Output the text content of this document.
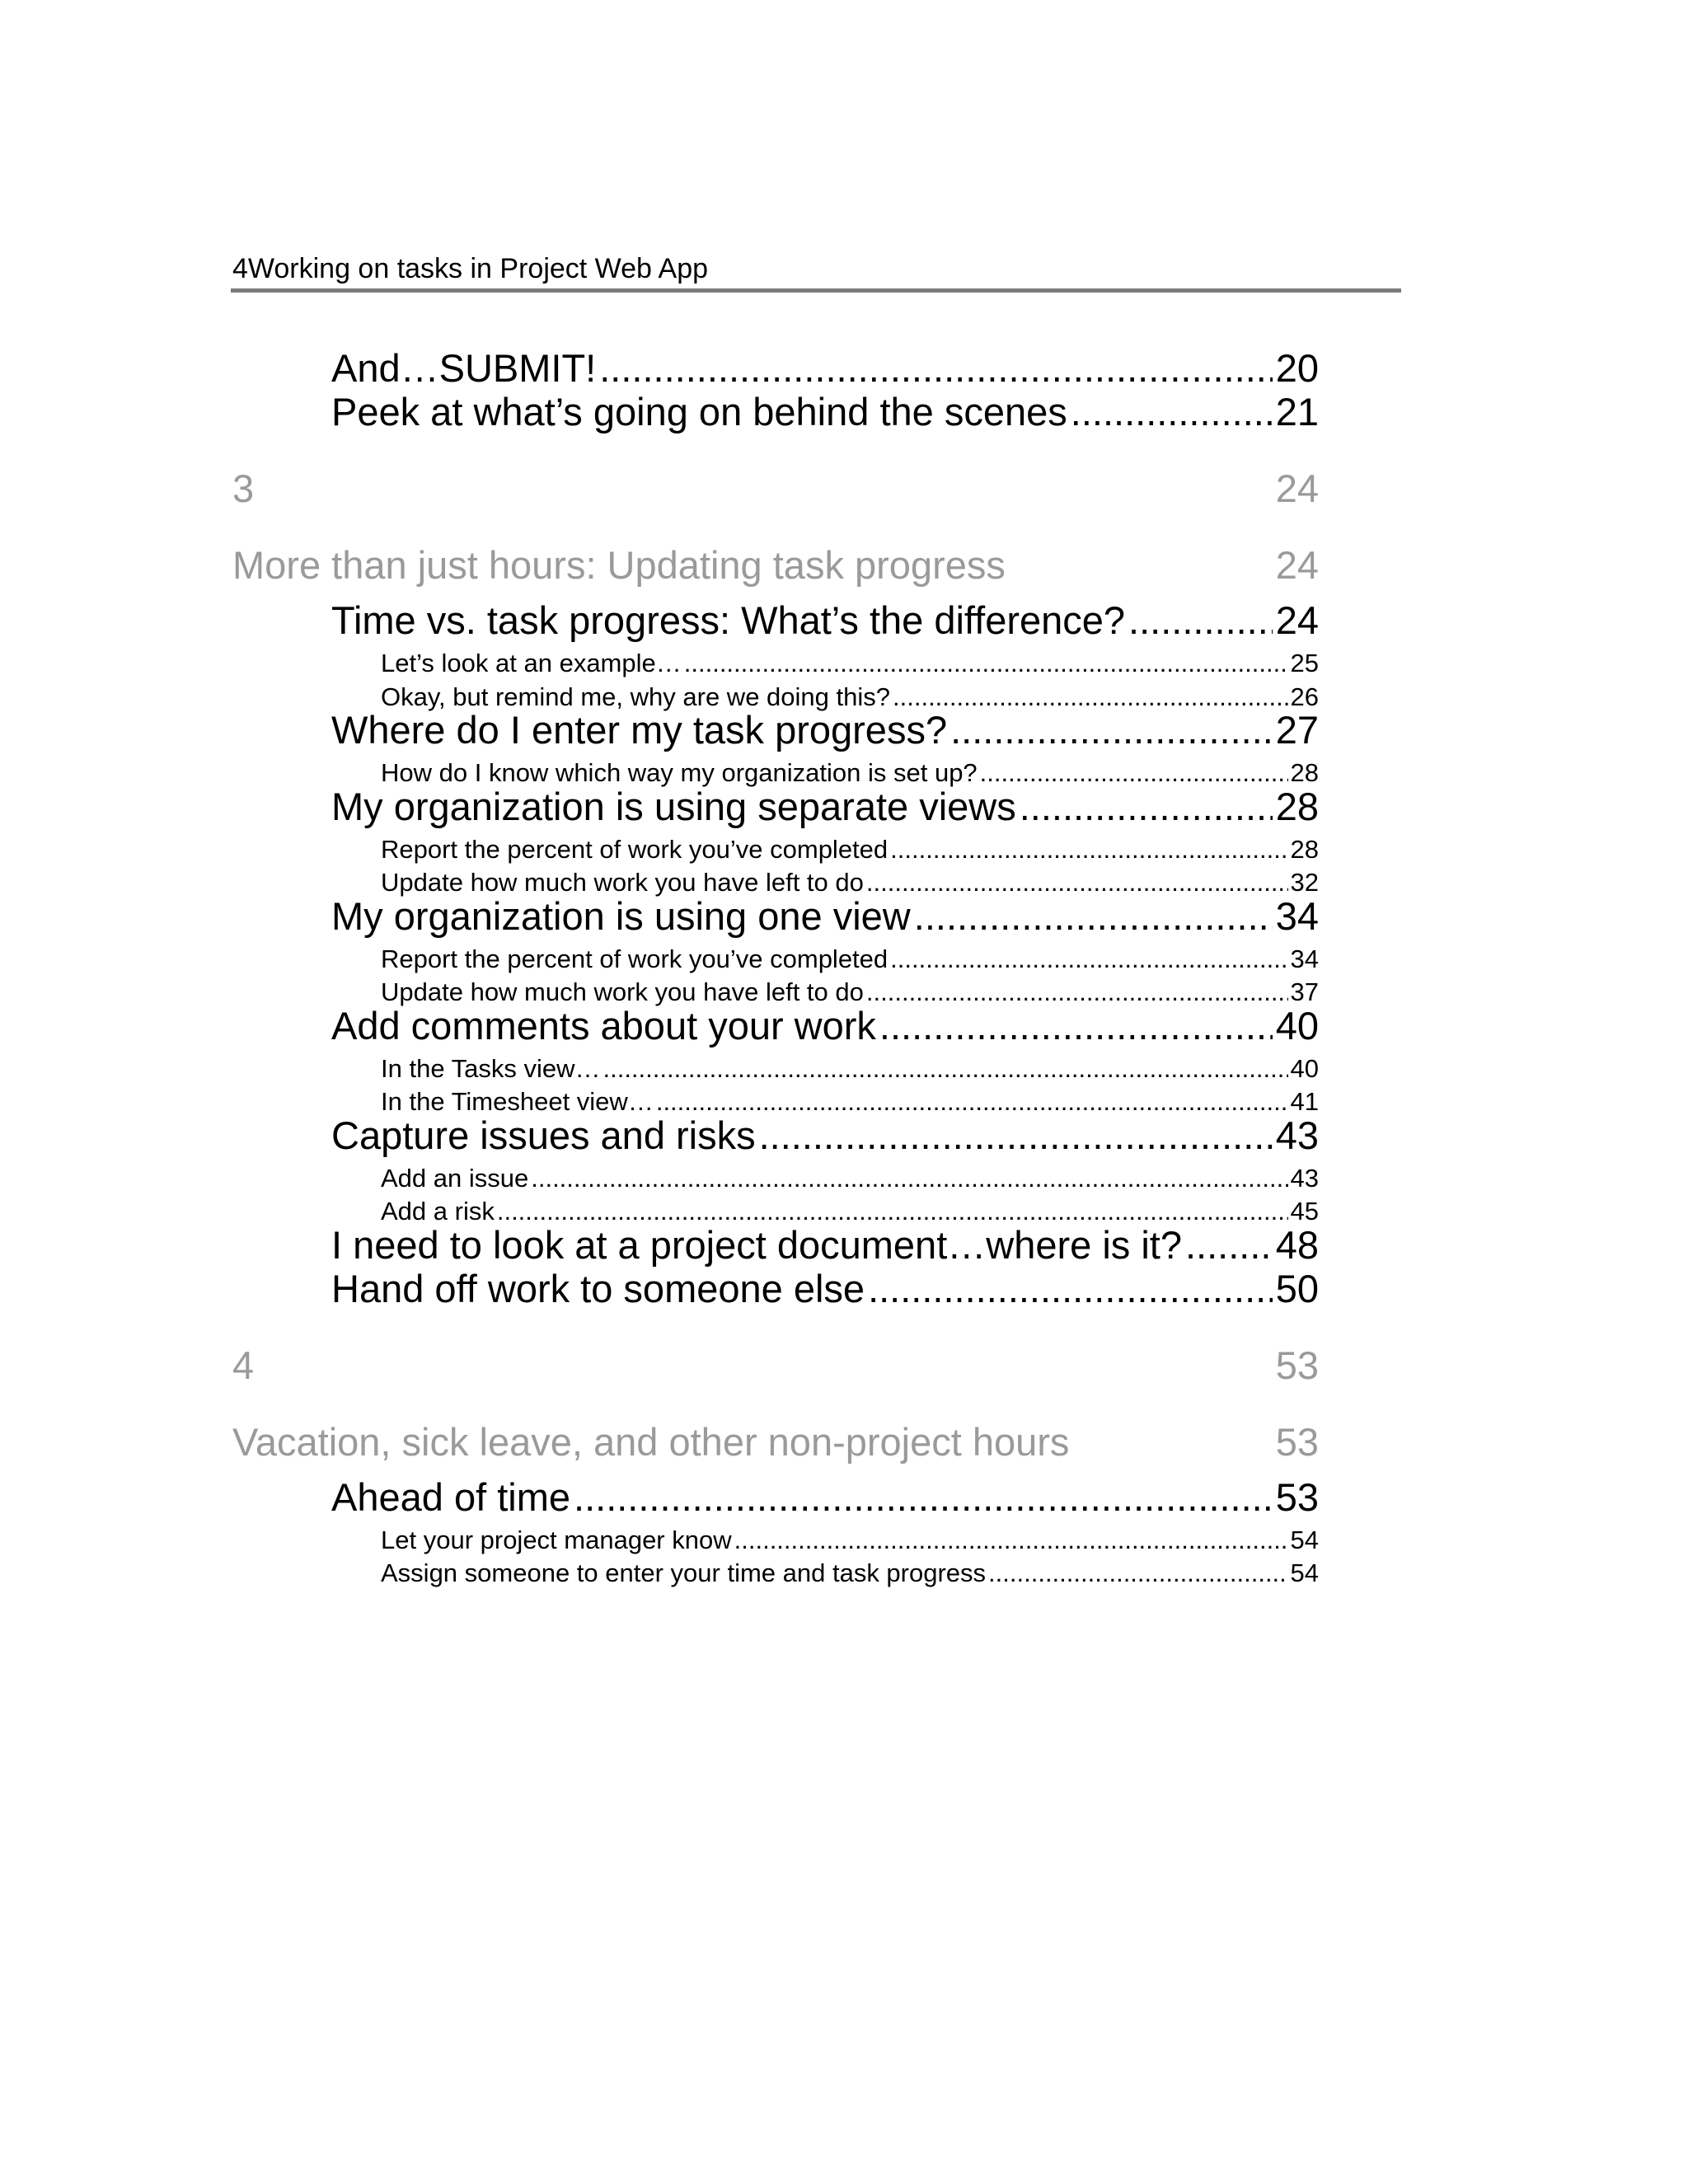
4Working on tasks in Project Web App
And…SUBMIT! .....	20
Peek at what’s going on behind the scenes .....	21
3	24
More than just hours: Updating task progress	24
Time vs. task progress: What’s the difference? .....	24
Let’s look at an example… .....	25
Okay, but remind me, why are we doing this? .....	26
Where do I enter my task progress? .....	27
How do I know which way my organization is set up? .....	28
My organization is using separate views .....	28
Report the percent of work you’ve completed .....	28
Update how much work you have left to do .....	32
My organization is using one view .....	34
Report the percent of work you’ve completed .....	34
Update how much work you have left to do .....	37
Add comments about your work .....	40
In the Tasks view… .....	40
In the Timesheet view… .....	41
Capture issues and risks .....	43
Add an issue .....	43
Add a risk .....	45
I need to look at a project document…where is it? ..... 48
Hand off work to someone else .....	50
4	53
Vacation, sick leave, and other non-project hours	53
Ahead of time .....	53
Let your project manager know .....	54
Assign someone to enter your time and task progress .....	54
